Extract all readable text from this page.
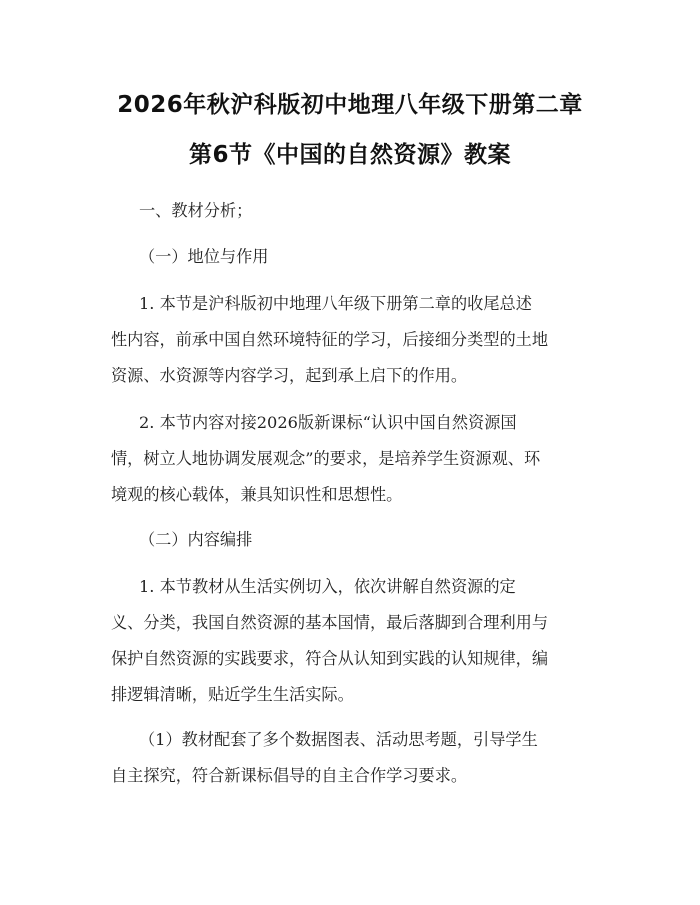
2026年秋沪科版初中地理八年级下册第二章
第6节《中国的自然资源》教案
一、教材分析；
（一）地位与作用
1. 本节是沪科版初中地理八年级下册第二章的收尾总述
性内容，前承中国自然环境特征的学习，后接细分类型的土地
资源、水资源等内容学习，起到承上启下的作用。
2. 本节内容对接2026版新课标“认识中国自然资源国
情，树立人地协调发展观念”的要求，是培养学生资源观、环
境观的核心载体，兼具知识性和思想性。
（二）内容编排
1. 本节教材从生活实例切入，依次讲解自然资源的定
义、分类，我国自然资源的基本国情，最后落脚到合理利用与
保护自然资源的实践要求，符合从认知到实践的认知规律，编
排逻辑清晰，贴近学生生活实际。
（1）教材配套了多个数据图表、活动思考题，引导学生
自主探究，符合新课标倡导的自主合作学习要求。
